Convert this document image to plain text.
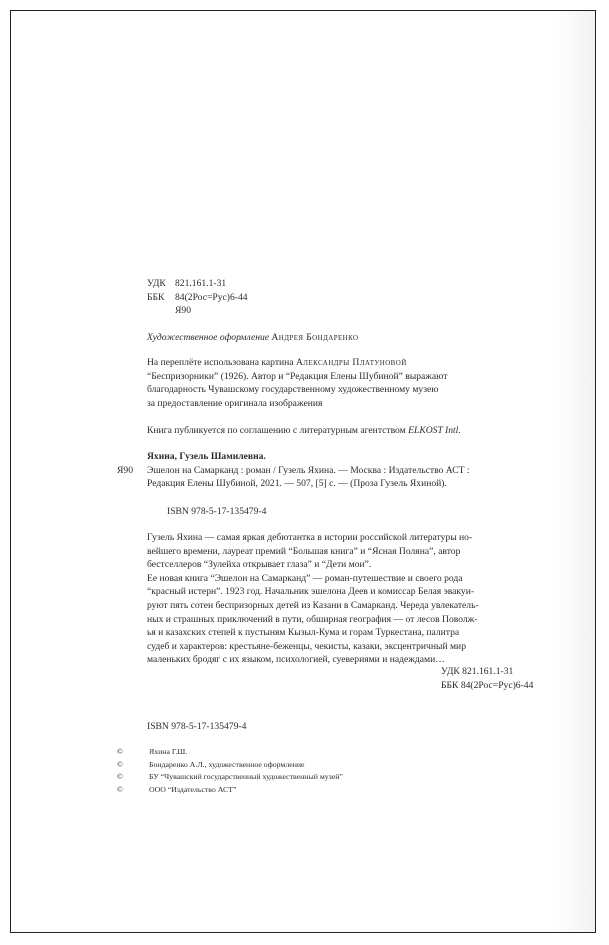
УДК 821.161.1-31
ББК 84(2Рос=Рус)6-44
Я90
Художественное оформление Андрея Бондаренко
На переплёте использована картина Александры Платуновой
“Беспризорники” (1926). Автор и “Редакция Елены Шубиной” выражают
благодарность Чувашскому государственному художественному музею
за предоставление оригинала изображения
Книга публикуется по соглашению с литературным агентством ELKOST Intl.
Я90
Яхина, Гузель Шамилевна.
Эшелон на Самарканд : роман / Гузель Яхина. — Москва : Издательство АСТ :
Редакция Елены Шубиной, 2021. — 507, [5] с. — (Проза Гузель Яхиной).
ISBN 978-5-17-135479-4
Гузель Яхина — самая яркая дебютантка в истории российской литературы но-
вейшего времени, лауреат премий “Большая книга” и “Ясная Поляна”, автор
бестселлеров “Зулейха открывает глаза” и “Дети мои”.
Ее новая книга “Эшелон на Самарканд” — роман-путешествие и своего рода
“красный истерн”. 1923 год. Начальник эшелона Деев и комиссар Белая эвакуи-
руют пять сотен беспризорных детей из Казани в Самарканд. Череда увлекатель-
ных и страшных приключений в пути, обширная география — от лесов Поволж-
ья и казахских степей к пустыням Кызыл-Кума и горам Туркестана, палитра
судеб и характеров: крестьяне-беженцы, чекисты, казаки, эксцентричный мир
маленьких бродяг с их языком, психологией, суевериями и надеждами…
УДК 821.161.1-31
ББК 84(2Рос=Рус)6-44
ISBN 978-5-17-135479-4
©	Яхина Г.Ш.
©	Бондаренко А.Л., художественное оформление
©	БУ “Чувашский государственный художественный музей”
©	ООО “Издательство АСТ”
